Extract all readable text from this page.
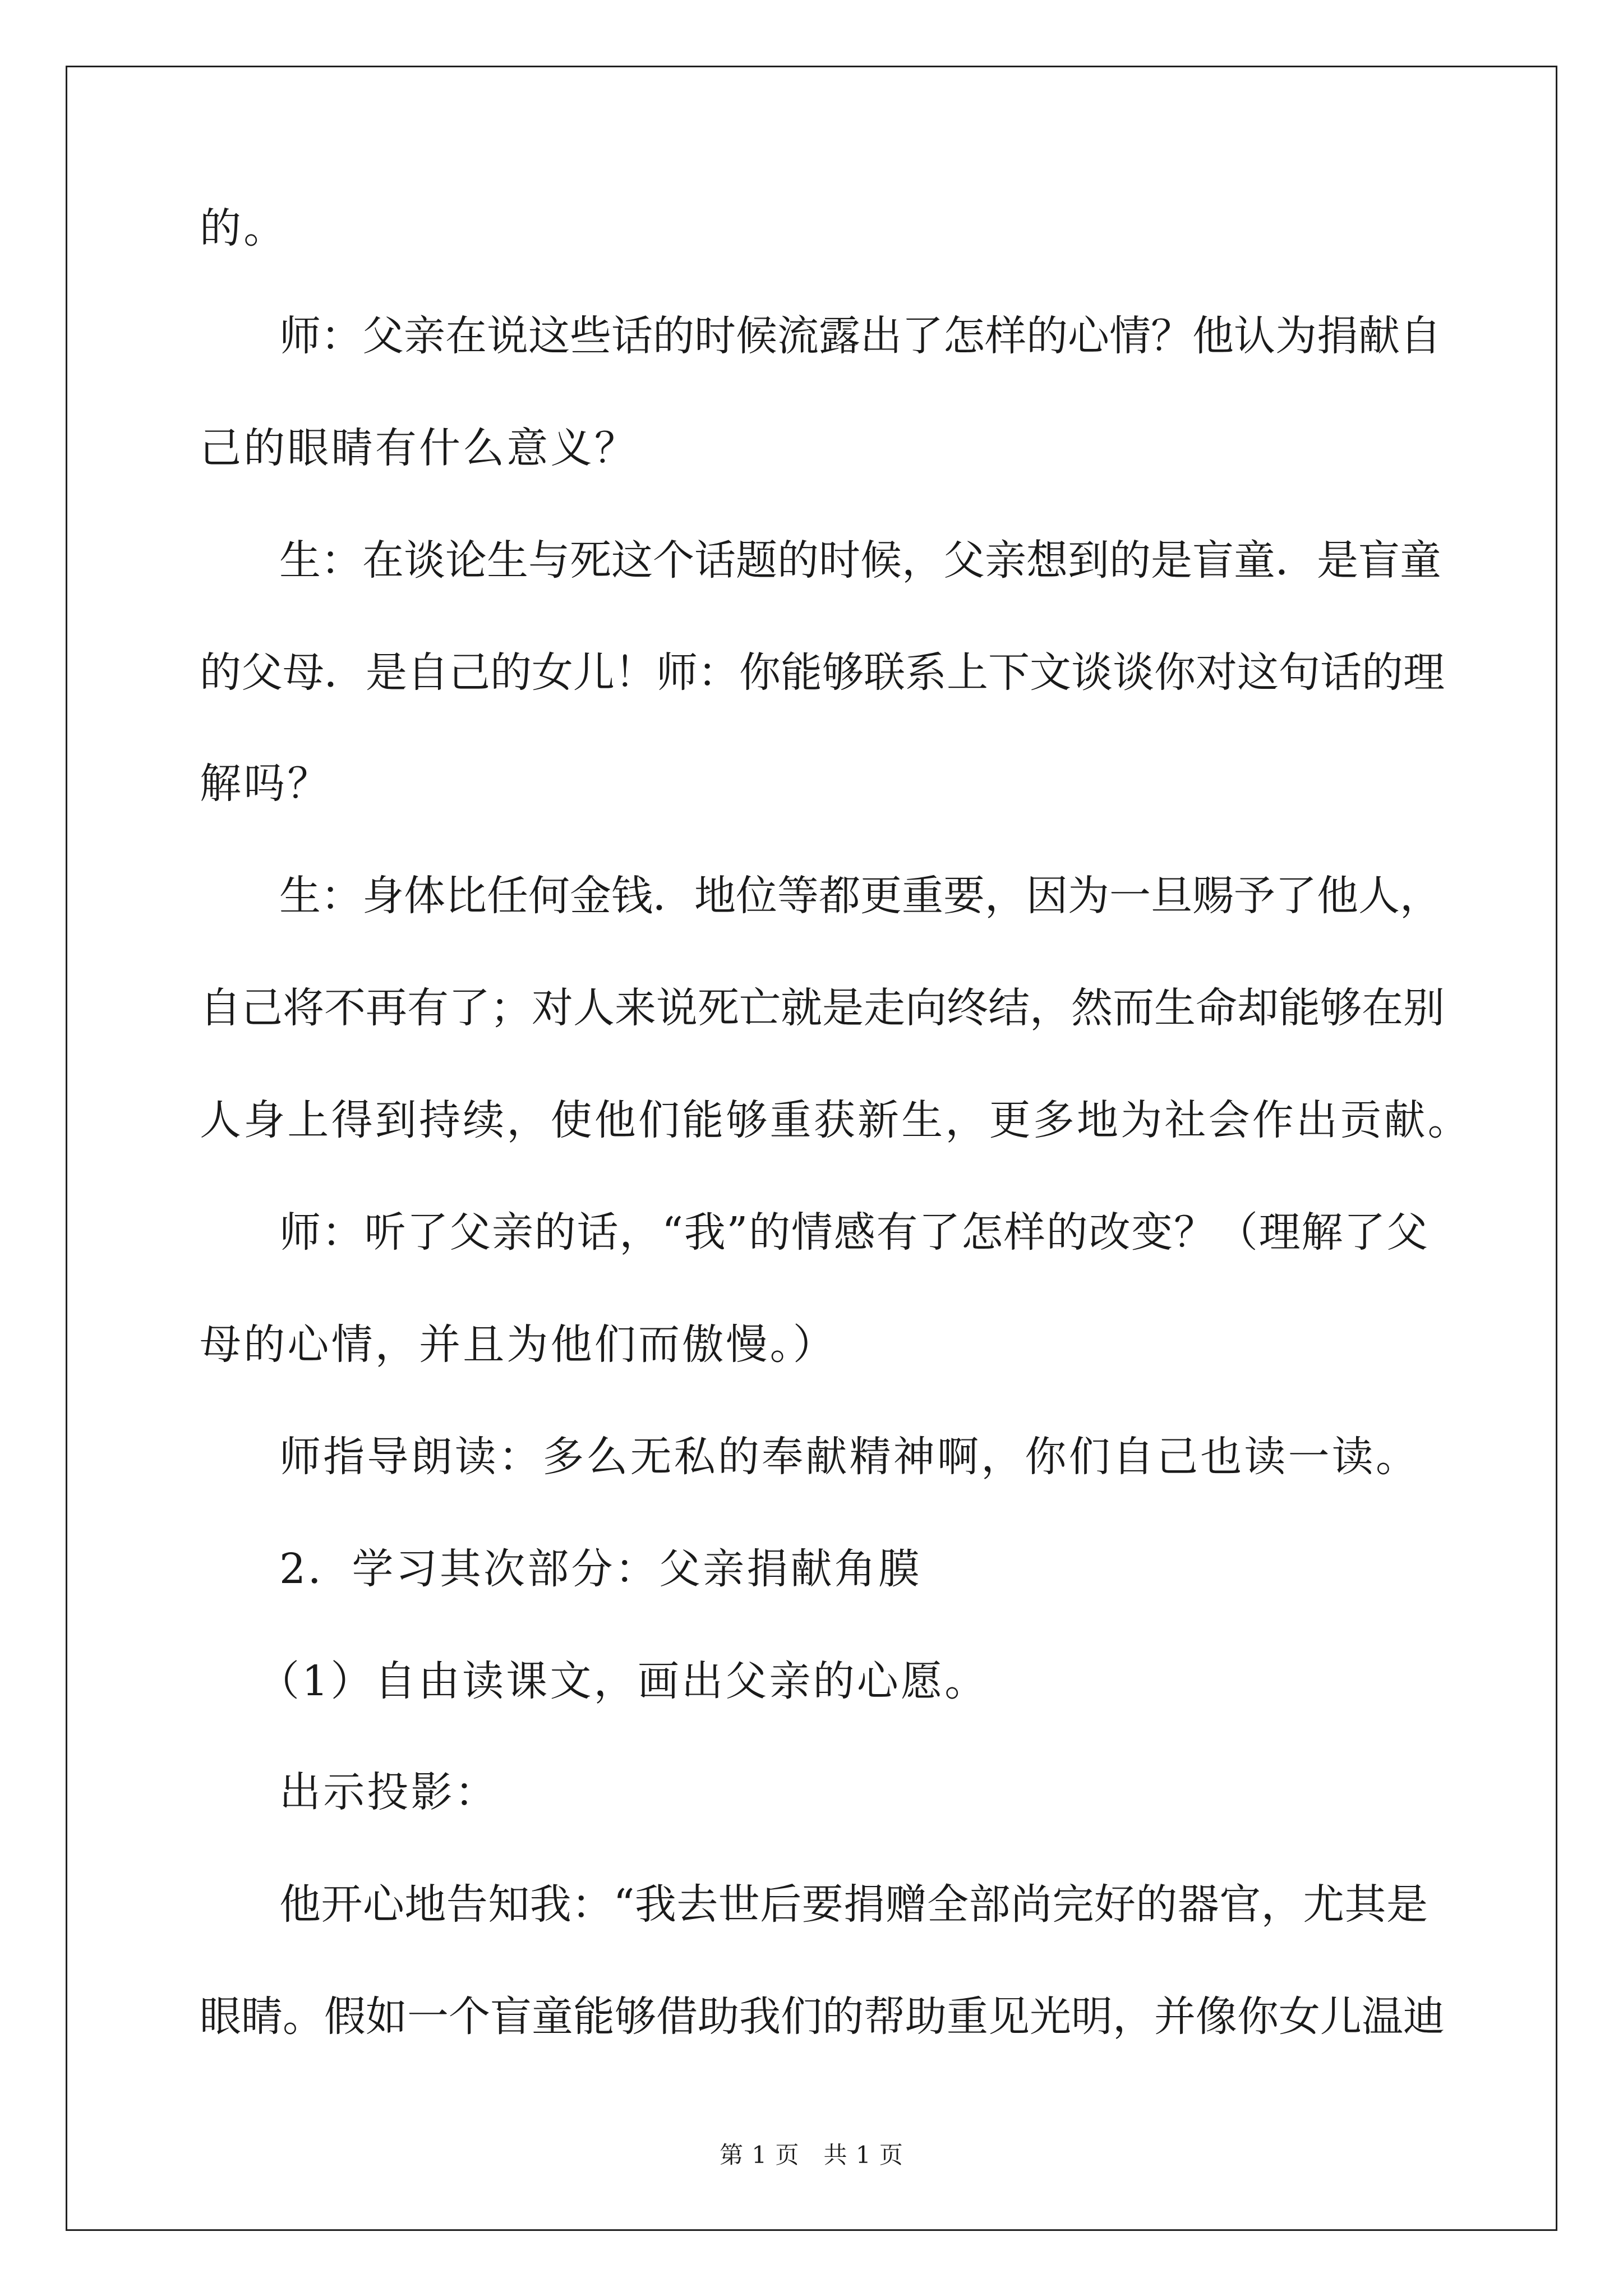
的。
师：父亲在说这些话的时候流露出了怎样的心情？他认为捐献自
己的眼睛有什么意义？
生：在谈论生与死这个话题的时候，父亲想到的是盲童．是盲童
的父母．是自己的女儿！师：你能够联系上下文谈谈你对这句话的理
解吗？
生：身体比任何金钱．地位等都更重要，因为一旦赐予了他人，
自己将不再有了；对人来说死亡就是走向终结，然而生命却能够在别
人身上得到持续，使他们能够重获新生，更多地为社会作出贡献。
师：听了父亲的话，“我”的情感有了怎样的改变？（理解了父
母的心情，并且为他们而傲慢。）
师指导朗读：多么无私的奉献精神啊，你们自己也读一读。
2．学习其次部分：父亲捐献角膜
（1）自由读课文，画出父亲的心愿。
出示投影：
他开心地告知我：“我去世后要捐赠全部尚完好的器官，尤其是
眼睛。假如一个盲童能够借助我们的帮助重见光明，并像你女儿温迪
第 1 页　共 1 页
